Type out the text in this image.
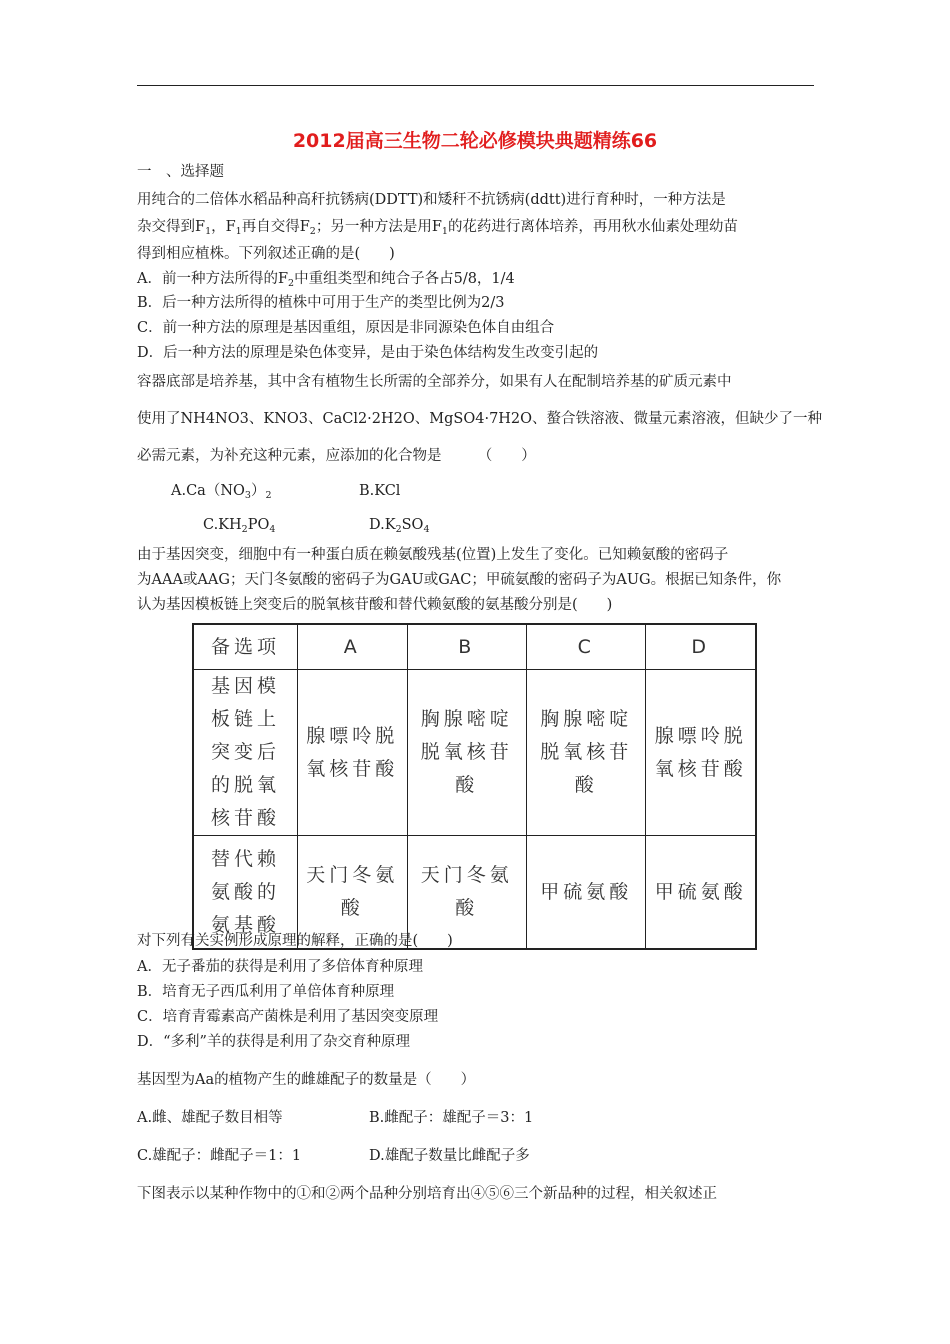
2012届高三生物二轮必修模块典题精练66
一　、选择题
用纯合的二倍体水稻品种高秆抗锈病(DDTT)和矮秆不抗锈病(ddtt)进行育种时，一种方法是
杂交得到$F_1$，$F_1$再自交得$F_2$；另一种方法是用$F_1$的花药进行离体培养，再用秋水仙素处理幼苗
得到相应植株。下列叙述正确的是(　　)
A．前一种方法所得的$F_2$中重组类型和纯合子各占5/8，1/4
B．后一种方法所得的植株中可用于生产的类型比例为2/3
C．前一种方法的原理是基因重组，原因是非同源染色体自由组合
D．后一种方法的原理是染色体变异，是由于染色体结构发生改变引起的
容器底部是培养基，其中含有植物生长所需的全部养分，如果有人在配制培养基的矿质元素中
使用了NH4NO3、KNO3、CaCl2·2H2O、MgSO4·7H2O、螯合铁溶液、微量元素溶液，但缺少了一种
必需元素，为补充这种元素，应添加的化合物是　　　（　　）
$A.Ca(NO_3)_2$	B.KCl
$C.KH_2PO_4$	$D.K_2SO_4$
由于基因突变，细胞中有一种蛋白质在赖氨酸残基(位置)上发生了变化。已知赖氨酸的密码子
为AAA或AAG；天门冬氨酸的密码子为GAU或GAC；甲硫氨酸的密码子为AUG。根据已知条件，你
认为基因模板链上突变后的脱氧核苷酸和替代赖氨酸的氨基酸分别是(　　)
备选项	A	B	C	D
基因模板链上突变后的脱氧核苷酸	腺嘌呤脱氧核苷酸	胸腺嘧啶脱氧核苷酸	胸腺嘧啶脱氧核苷酸	腺嘌呤脱氧核苷酸
替代赖氨酸的氨基酸	天门冬氨酸	天门冬氨酸	甲硫氨酸	甲硫氨酸
对下列有关实例形成原理的解释，正确的是(　　)
A．无子番茄的获得是利用了多倍体育种原理
B．培育无子西瓜利用了单倍体育种原理
C．培育青霉素高产菌株是利用了基因突变原理
D．“多利”羊的获得是利用了杂交育种原理
基因型为Aa的植物产生的雌雄配子的数量是（　　）
A.雌、雄配子数目相等	B.雌配子：雄配子＝3：1
C.雄配子：雌配子＝1：1	D.雄配子数量比雌配子多
下图表示以某种作物中的①和②两个品种分别培育出④⑤⑥三个新品种的过程，相关叙述正
